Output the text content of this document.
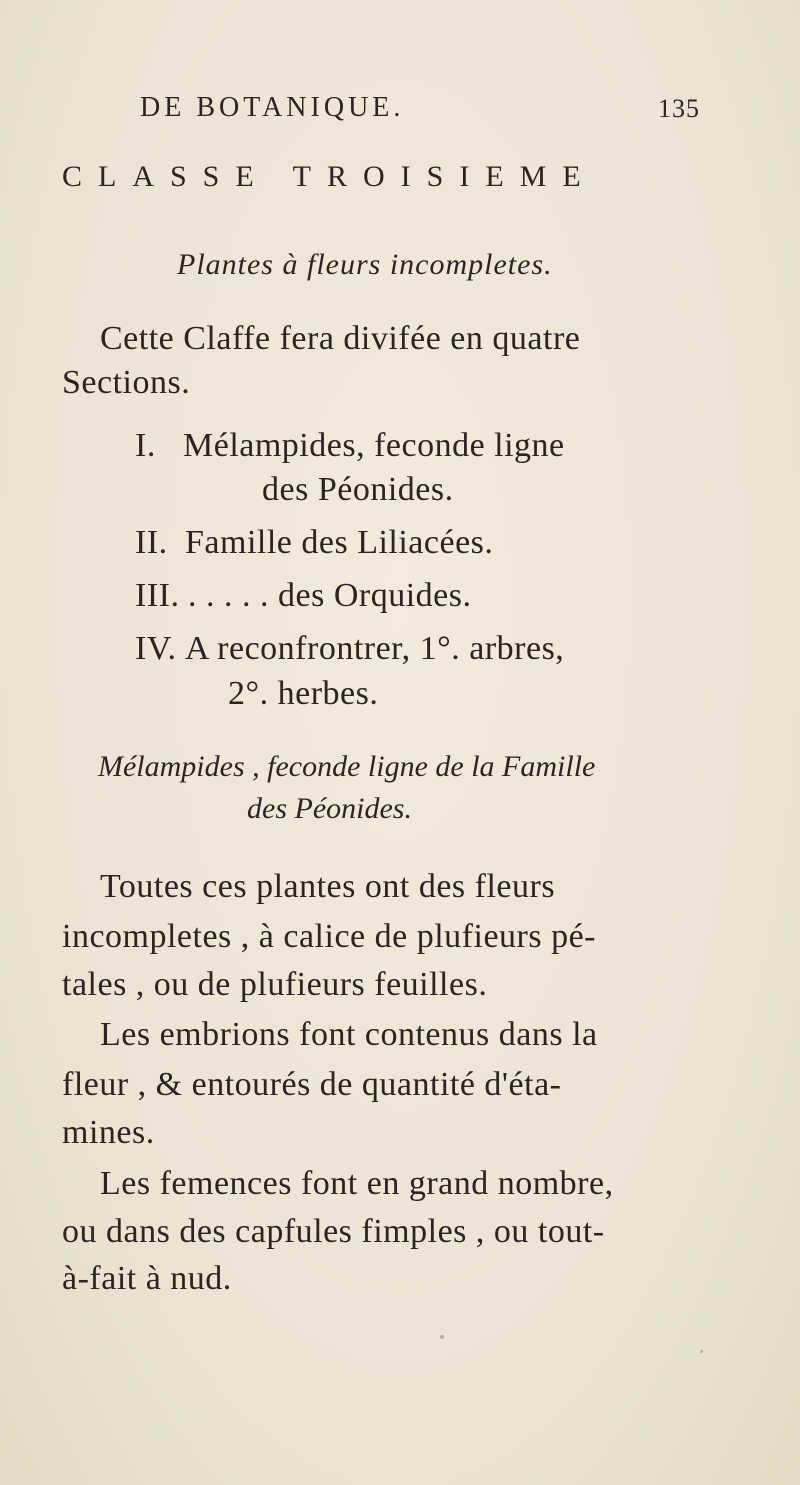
DE BOTANIQUE.	135
CLASSE TROISIEME
Plantes à fleurs incompletes.
Cette Claffe fera divifée en quatre
Sections.
I. Mélampides, feconde ligne
des Péonides.
II. Famille des Liliacées.
III. . . . . . des Orquides.
IV. A reconfrontrer, 1°. arbres,
2°. herbes.
Mélampides , feconde ligne de la Famille
des Péonides.
Toutes ces plantes ont des fleurs
incompletes , à calice de plufieurs pé-
tales , ou de plufieurs feuilles.
Les embrions font contenus dans la
fleur , & entourés de quantité d'éta-
mines.
Les femences font en grand nombre,
ou dans des capfules fimples , ou tout-
à-fait à nud.
